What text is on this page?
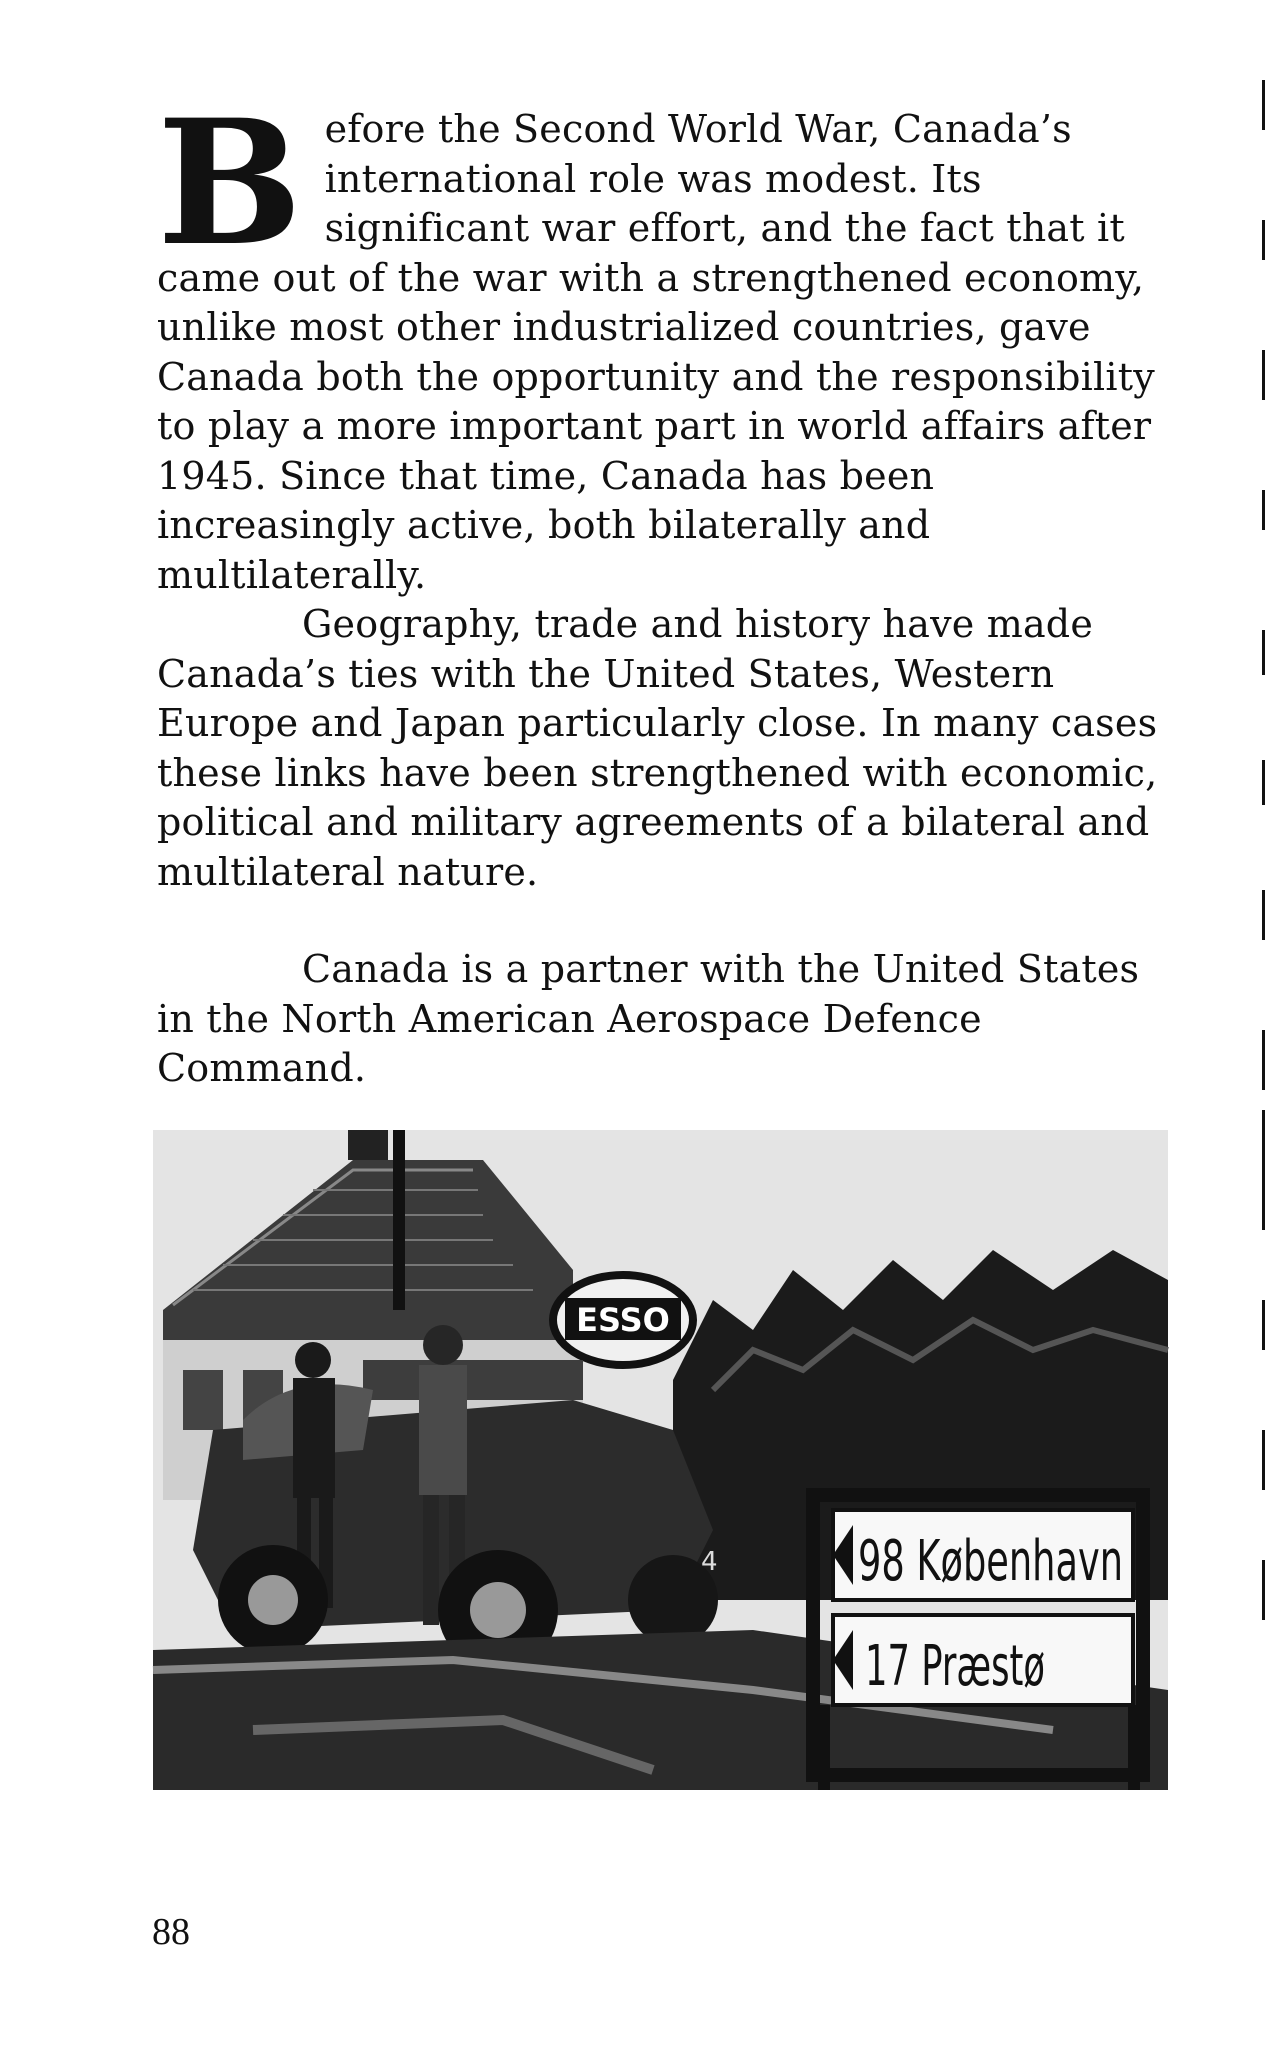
Before the Second World War, Canada’s international role was modest. Its significant war effort, and the fact that it came out of the war with a strengthened economy, unlike most other industrialized countries, gave Canada both the opportunity and the responsibility to play a more important part in world affairs after 1945. Since that time, Canada has been increasingly active, both bilaterally and multilaterally.
Geography, trade and history have made Canada’s ties with the United States, Western Europe and Japan particularly close. In many cases these links have been strengthened with economic, political and military agreements of a bilateral and multilateral nature.
Canada is a partner with the United States in the North American Aerospace Defence Command.
ESSO
4	98 København
17 Præstø
88
